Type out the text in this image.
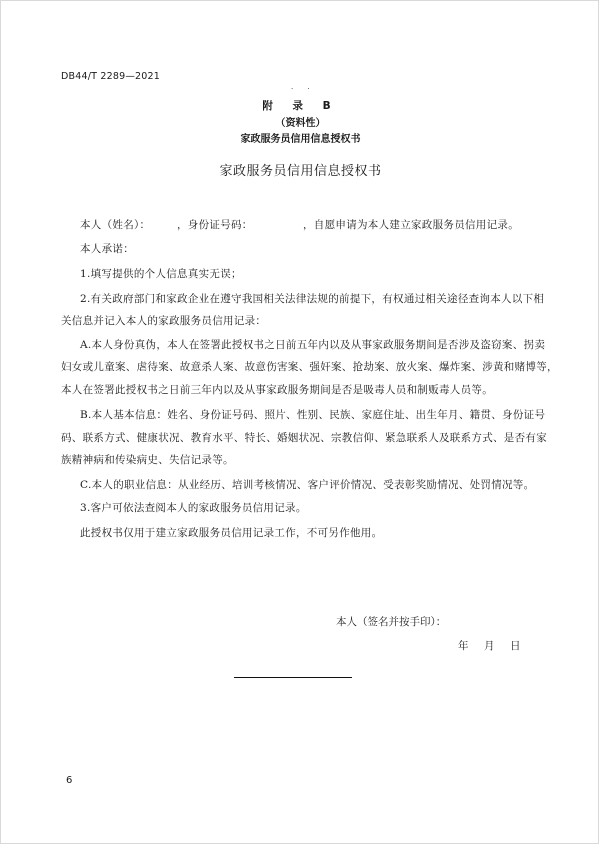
DB44/T 2289—2021
· ·
附 录 B
（资料性）
家政服务员信用信息授权书
家政服务员信用信息授权书
本人（姓名）：	，身份证号码：	，自愿申请为本人建立家政服务员信用记录。
本人承诺：
1.填写提供的个人信息真实无误；
2.有关政府部门和家政企业在遵守我国相关法律法规的前提下，有权通过相关途径查询本人以下相
关信息并记入本人的家政服务员信用记录：
A.本人身份真伪，本人在签署此授权书之日前五年内以及从事家政服务期间是否涉及盗窃案、拐卖
妇女或儿童案、虐待案、故意杀人案、故意伤害案、强奸案、抢劫案、放火案、爆炸案、涉黄和赌博等，
本人在签署此授权书之日前三年内以及从事家政服务期间是否是吸毒人员和制贩毒人员等。
B.本人基本信息：姓名、身份证号码、照片、性别、民族、家庭住址、出生年月、籍贯、身份证号
码、联系方式、健康状况、教育水平、特长、婚姻状况、宗教信仰、紧急联系人及联系方式、是否有家
族精神病和传染病史、失信记录等。
C.本人的职业信息：从业经历、培训考核情况、客户评价情况、受表彰奖励情况、处罚情况等。
3.客户可依法查阅本人的家政服务员信用记录。
此授权书仅用于建立家政服务员信用记录工作，不可另作他用。
本人（签名并按手印）：
年 月 日
6
